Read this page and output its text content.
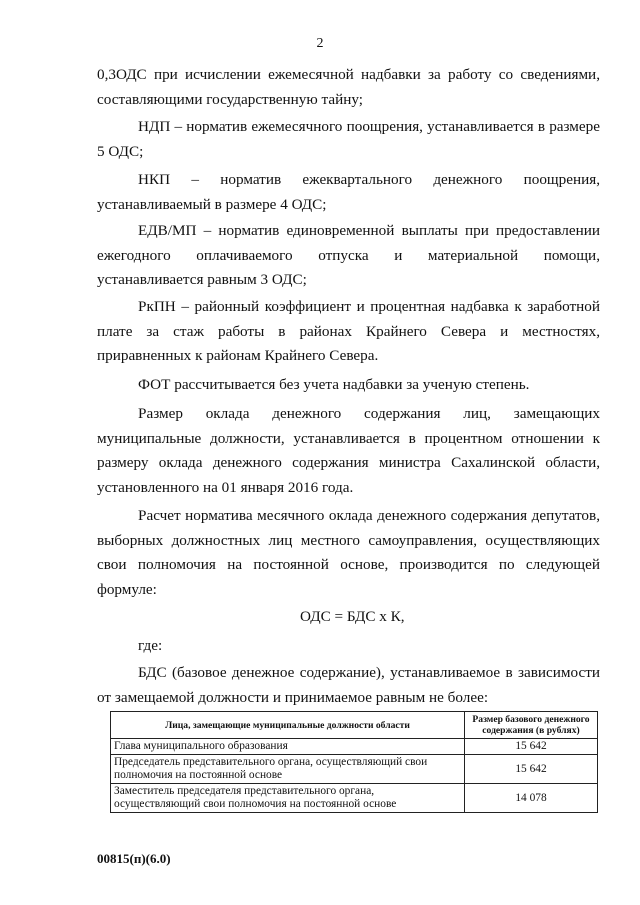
2

0,3ОДС при исчислении ежемесячной надбавки за работу со сведениями, составляющими государственную тайну;

НДП – норматив ежемесячного поощрения, устанавливается в размере 5 ОДС;

НКП – норматив ежеквартального денежного поощрения, устанавливаемый в размере 4 ОДС;

ЕДВ/МП – норматив единовременной выплаты при предоставлении ежегодного оплачиваемого отпуска и материальной помощи, устанавливается равным 3 ОДС;

РкПН – районный коэффициент и процентная надбавка к заработной плате за стаж работы в районах Крайнего Севера и местностях, приравненных к районам Крайнего Севера.

ФОТ рассчитывается без учета надбавки за ученую степень.

Размер оклада денежного содержания лиц, замещающих муниципальные должности, устанавливается в процентном отношении к размеру оклада денежного содержания министра Сахалинской области, установленного на 01 января 2016 года.

Расчет норматива месячного оклада денежного содержания депутатов, выборных должностных лиц местного самоуправления, осуществляющих свои полномочия на постоянной основе, производится по следующей формуле:

ОДС = БДС х К,
где:

БДС (базовое денежное содержание), устанавливаемое в зависимости от замещаемой должности и принимаемое равным не более:

Лица, замещающие муниципальные должности области	Размер базового денежного содержания (в рублях)
Глава муниципального образования	15 642
Председатель представительного органа, осуществляющий свои полномочия на постоянной основе	15 642
Заместитель председателя представительного органа, осуществляющий свои полномочия на постоянной основе	14 078
00815(п)(6.0)
